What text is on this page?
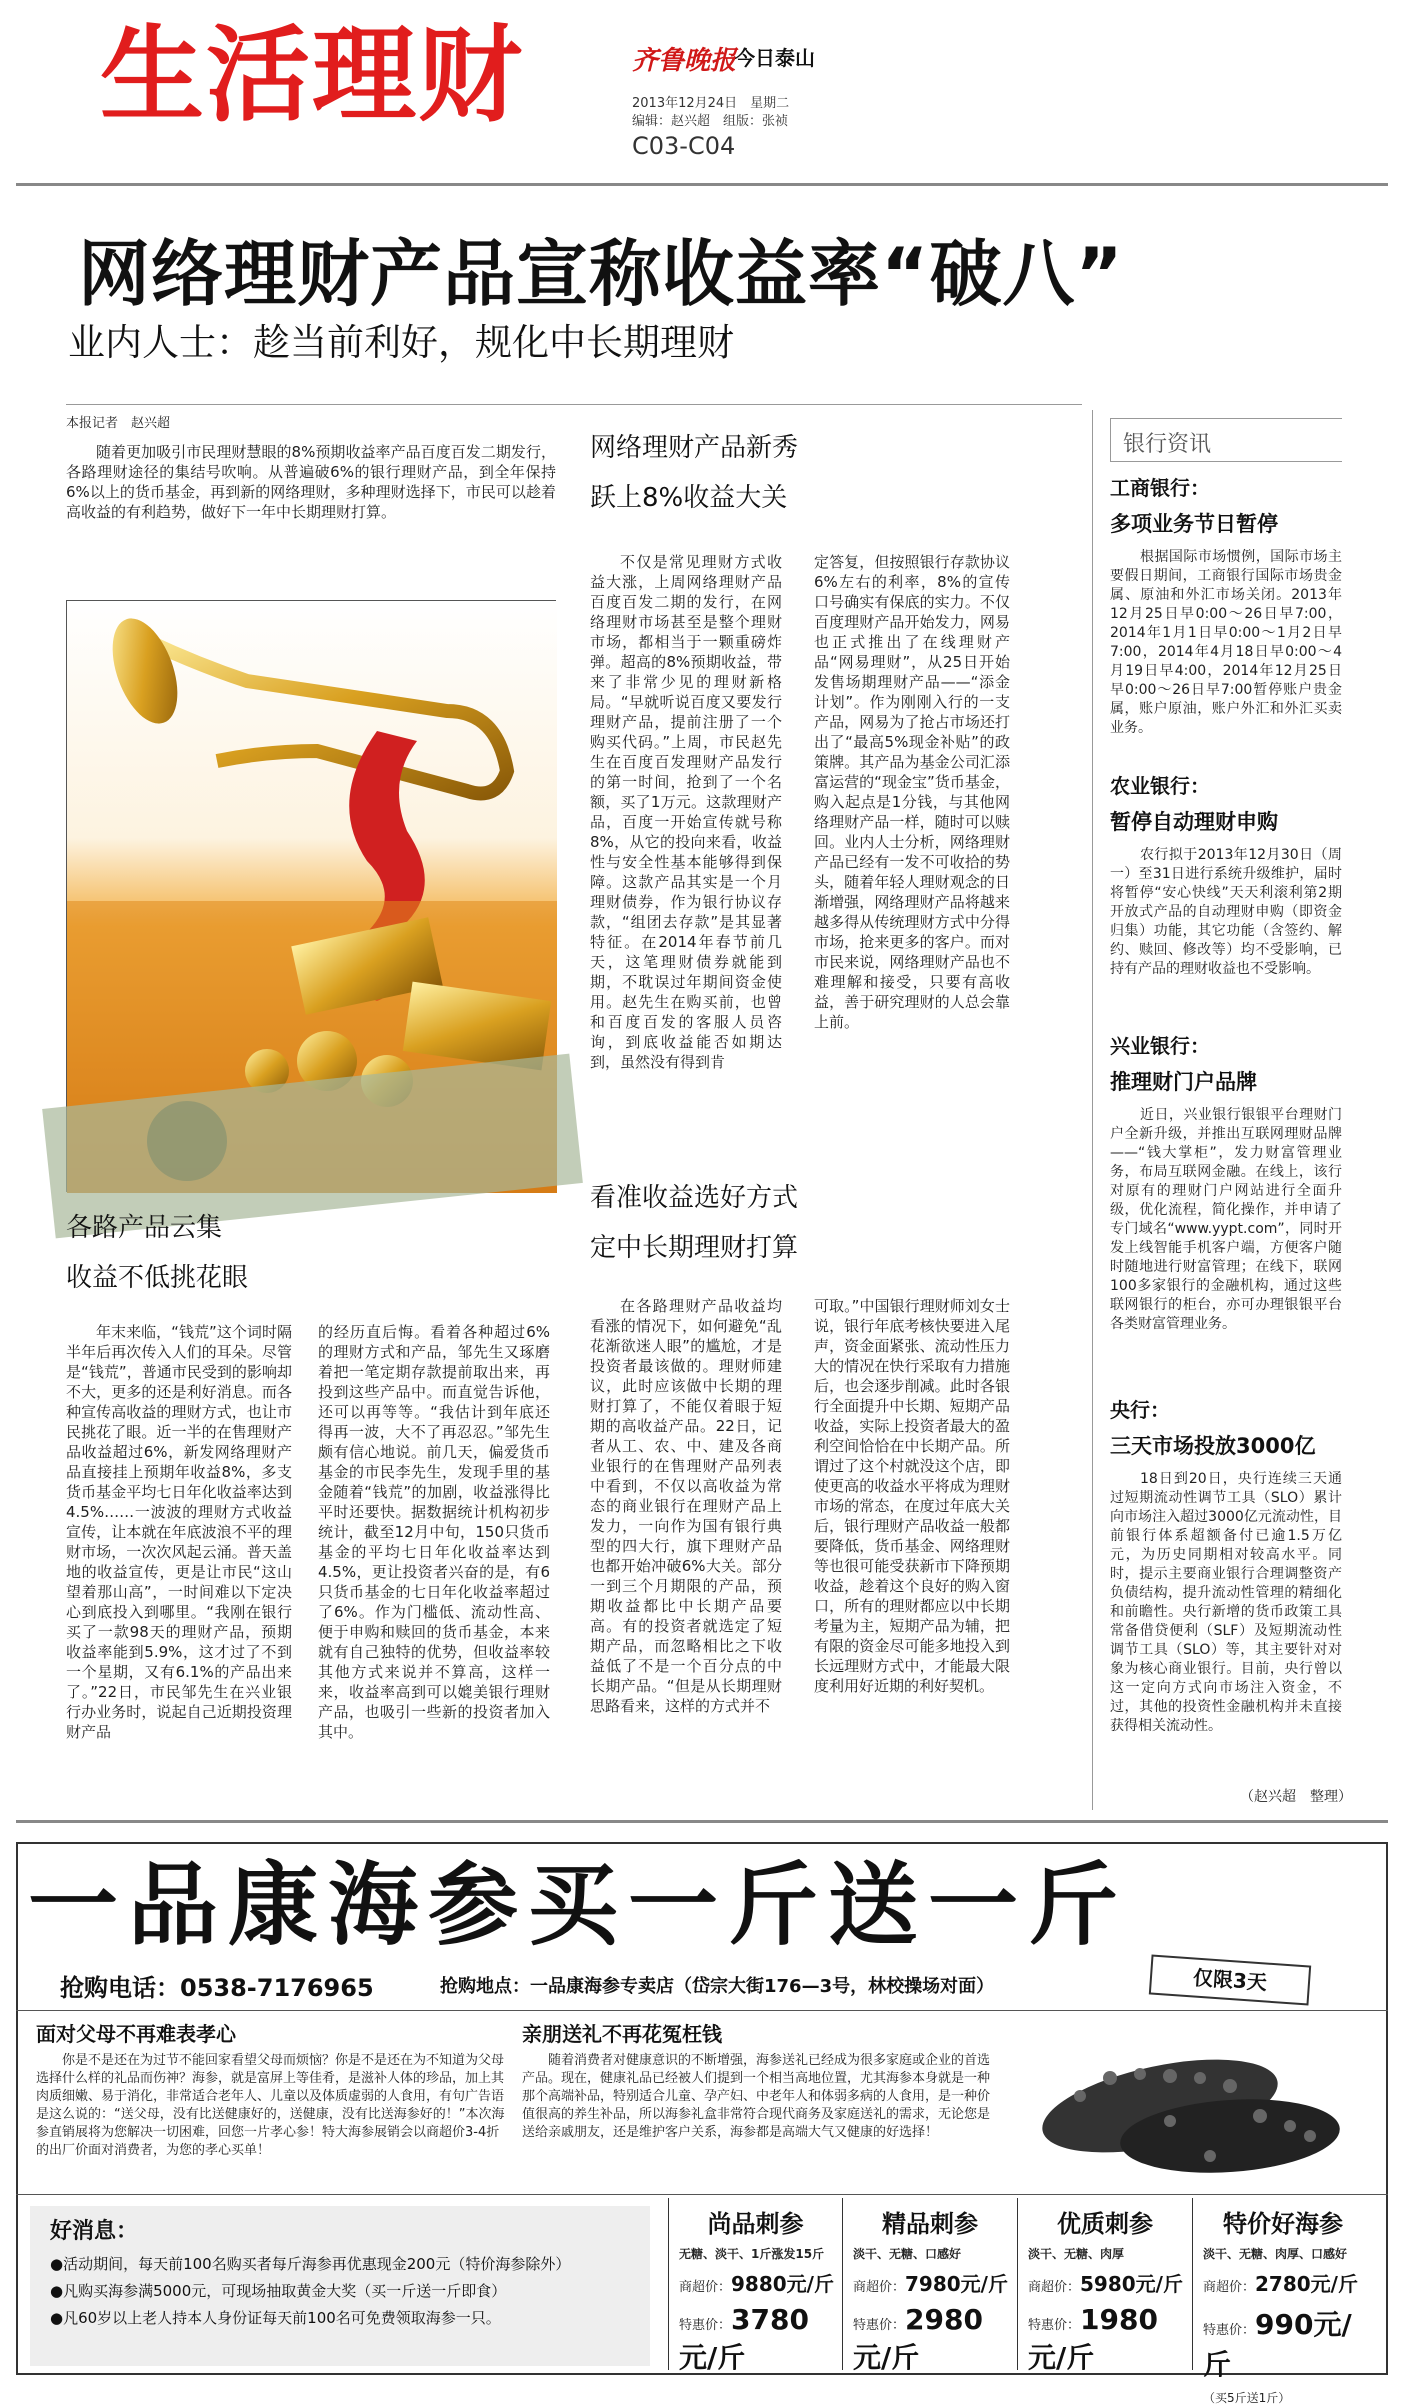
生活理财	齐鲁晚报
今日泰山
2013年12月24日　星期二
编辑：赵兴超　组版：张祯
C03-C04
网络理财产品宣称收益率“破八”
业内人士：趁当前利好，规化中长期理财
本报记者　赵兴超
随着更加吸引市民理财慧眼的8%预期收益率产品百度百发二期发行，各路理财途径的集结号吹响。从普遍破6%的银行理财产品，到全年保持6%以上的货币基金，再到新的网络理财，多种理财选择下，市民可以趁着高收益的有利趋势，做好下一年中长期理财打算。
网络理财产品新秀
跃上8%收益大关
不仅是常见理财方式收益大涨，上周网络理财产品百度百发二期的发行，在网络理财市场甚至是整个理财市场，都相当于一颗重磅炸弹。超高的8%预期收益，带来了非常少见的理财新格局。“早就听说百度又要发行理财产品，提前注册了一个购买代码。”上周，市民赵先生在百度百发理财产品发行的第一时间，抢到了一个名额，买了1万元。这款理财产品，百度一开始宣传就号称8%，从它的投向来看，收益性与安全性基本能够得到保障。这款产品其实是一个月理财债券，作为银行协议存款，“组团去存款”是其显著特征。在2014年春节前几天，这笔理财债券就能到期，不耽误过年期间资金使用。赵先生在购买前，也曾和百度百发的客服人员咨询，到底收益能否如期达到，虽然没有得到肯
定答复，但按照银行存款协议6%左右的利率，8%的宣传口号确实有保底的实力。不仅百度理财产品开始发力，网易也正式推出了在线理财产品“网易理财”，从25日开始发售场期理财产品——“添金计划”。作为刚刚入行的一支产品，网易为了抢占市场还打出了“最高5%现金补贴”的政策牌。其产品为基金公司汇添富运营的“现金宝”货币基金，购入起点是1分钱，与其他网络理财产品一样，随时可以赎回。业内人士分析，网络理财产品已经有一发不可收拾的势头，随着年轻人理财观念的日渐增强，网络理财产品将越来越多得从传统理财方式中分得市场，抢来更多的客户。而对市民来说，网络理财产品也不难理解和接受，只要有高收益，善于研究理财的人总会靠上前。
各路产品云集
收益不低挑花眼
年末来临，“钱荒”这个词时隔半年后再次传入人们的耳朵。尽管是“钱荒”，普通市民受到的影响却不大，更多的还是利好消息。而各种宣传高收益的理财方式，也让市民挑花了眼。近一半的在售理财产品收益超过6%，新发网络理财产品直接挂上预期年收益8%，多支货币基金平均七日年化收益率达到4.5%……一波波的理财方式收益宣传，让本就在年底波浪不平的理财市场，一次次风起云涌。普天盖地的收益宣传，更是让市民“这山望着那山高”，一时间难以下定决心到底投入到哪里。“我刚在银行买了一款98天的理财产品，预期收益率能到5.9%，这才过了不到一个星期，又有6.1%的产品出来了。”22日，市民邹先生在兴业银行办业务时，说起自己近期投资理财产品
的经历直后悔。看着各种超过6%的理财方式和产品，邹先生又琢磨着把一笔定期存款提前取出来，再投到这些产品中。而直觉告诉他，还可以再等等。“我估计到年底还得再一波，大不了再忍忍。”邹先生颇有信心地说。前几天，偏爱货币基金的市民李先生，发现手里的基金随着“钱荒”的加剧，收益涨得比平时还要快。据数据统计机构初步统计，截至12月中旬，150只货币基金的平均七日年化收益率达到4.5%，更让投资者兴奋的是，有6只货币基金的七日年化收益率超过了6%。作为门槛低、流动性高、便于申购和赎回的货币基金，本来就有自己独特的优势，但收益率较其他方式来说并不算高，这样一来，收益率高到可以媲美银行理财产品，也吸引一些新的投资者加入其中。
看准收益选好方式
定中长期理财打算
在各路理财产品收益均看涨的情况下，如何避免“乱花渐欲迷人眼”的尴尬，才是投资者最该做的。理财师建议，此时应该做中长期的理财打算了，不能仅着眼于短期的高收益产品。22日，记者从工、农、中、建及各商业银行的在售理财产品列表中看到，不仅以高收益为常态的商业银行在理财产品上发力，一向作为国有银行典型的四大行，旗下理财产品也都开始冲破6%大关。部分一到三个月期限的产品，预期收益都比中长期产品要高。有的投资者就选定了短期产品，而忽略相比之下收益低了不是一个百分点的中长期产品。“但是从长期理财思路看来，这样的方式并不
可取。”中国银行理财师刘女士说，银行年底考核快要进入尾声，资金面紧张、流动性压力大的情况在快行采取有力措施后，也会逐步削减。此时各银行全面提升中长期、短期产品收益，实际上投资者最大的盈利空间恰恰在中长期产品。所谓过了这个村就没这个店，即使更高的收益水平将成为理财市场的常态，在度过年底大关后，银行理财产品收益一般都要降低，货币基金、网络理财等也很可能受获新市下降预期收益，趁着这个良好的购入窗口，所有的理财都应以中长期考量为主，短期产品为辅，把有限的资金尽可能多地投入到长远理财方式中，才能最大限度利用好近期的利好契机。
银行资讯
工商银行：
多项业务节日暂停
根据国际市场惯例，国际市场主要假日期间，工商银行国际市场贵金属、原油和外汇市场关闭。2013年12月25日早0:00～26日早7:00，2014年1月1日早0:00～1月2日早7:00，2014年4月18日早0:00～4月19日早4:00，2014年12月25日早0:00～26日早7:00暂停账户贵金属，账户原油，账户外汇和外汇买卖业务。
农业银行：
暂停自动理财申购
农行拟于2013年12月30日（周一）至31日进行系统升级维护，届时将暂停“安心快线”天天利滚利第2期开放式产品的自动理财申购（即资金归集）功能，其它功能（含签约、解约、赎回、修改等）均不受影响，已持有产品的理财收益也不受影响。
兴业银行：
推理财门户品牌
近日，兴业银行银银平台理财门户全新升级，并推出互联网理财品牌——“钱大掌柜”，发力财富管理业务，布局互联网金融。在线上，该行对原有的理财门户网站进行全面升级，优化流程，简化操作，并申请了专门域名“www.yypt.com”，同时开发上线智能手机客户端，方便客户随时随地进行财富管理；在线下，联网100多家银行的金融机构，通过这些联网银行的柜台，亦可办理银银平台各类财富管理业务。
央行：
三天市场投放3000亿
18日到20日，央行连续三天通过短期流动性调节工具（SLO）累计向市场注入超过3000亿元流动性，目前银行体系超额备付已逾1.5万亿元，为历史同期相对较高水平。同时，提示主要商业银行合理调整资产负债结构，提升流动性管理的精细化和前瞻性。央行新增的货币政策工具常备借贷便利（SLF）及短期流动性调节工具（SLO）等，其主要针对对象为核心商业银行。目前，央行曾以这一定向方式向市场注入资金，不过，其他的投资性金融机构并未直接获得相关流动性。
（赵兴超　整理）
一品康海参买一斤送一斤
抢购电话：0538-7176965	抢购地点：一品康海参专卖店（岱宗大街176—3号，林校操场对面）	仅限3天
面对父母不再难表孝心
你是不是还在为过节不能回家看望父母而烦恼？你是不是还在为不知道为父母选择什么样的礼品而伤神？海参，就是富屏上等佳肴，是滋补人体的珍品，加上其肉质细嫩、易于消化，非常适合老年人、儿童以及体质虚弱的人食用，有句广告语是这么说的：“送父母，没有比送健康好的，送健康，没有比送海参好的！”本次海参直销展将为您解决一切困难，回您一片孝心参！特大海参展销会以商超价3-4折的出厂价面对消费者，为您的孝心买单！
亲朋送礼不再花冤枉钱
随着消费者对健康意识的不断增强，海参送礼已经成为很多家庭或企业的首选产品。现在，健康礼品已经被人们提到一个相当高地位置，尤其海参本身就是一种那个高端补品，特别适合儿童、孕产妇、中老年人和体弱多病的人食用，是一种价值很高的养生补品，所以海参礼盒非常符合现代商务及家庭送礼的需求，无论您是送给亲戚朋友，还是维护客户关系，海参都是高端大气又健康的好选择！
好消息：
●活动期间，每天前100名购买者每斤海参再优惠现金200元（特价海参除外）
●凡购买海参满5000元，可现场抽取黄金大奖（买一斤送一斤即食）
●凡60岁以上老人持本人身份证每天前100名可免费领取海参一只。
尚品刺参
无糖、淡干、1斤涨发15斤
商超价：9880元/斤
特惠价：3780元/斤
精品刺参
淡干、无糖、口感好
商超价：7980元/斤
特惠价：2980元/斤
优质刺参
淡干、无糖、肉厚
商超价：5980元/斤
特惠价：1980元/斤
特价好海参
淡干、无糖、肉厚、口感好
商超价：2780元/斤
特惠价：990元/斤
（买5斤送1斤）
